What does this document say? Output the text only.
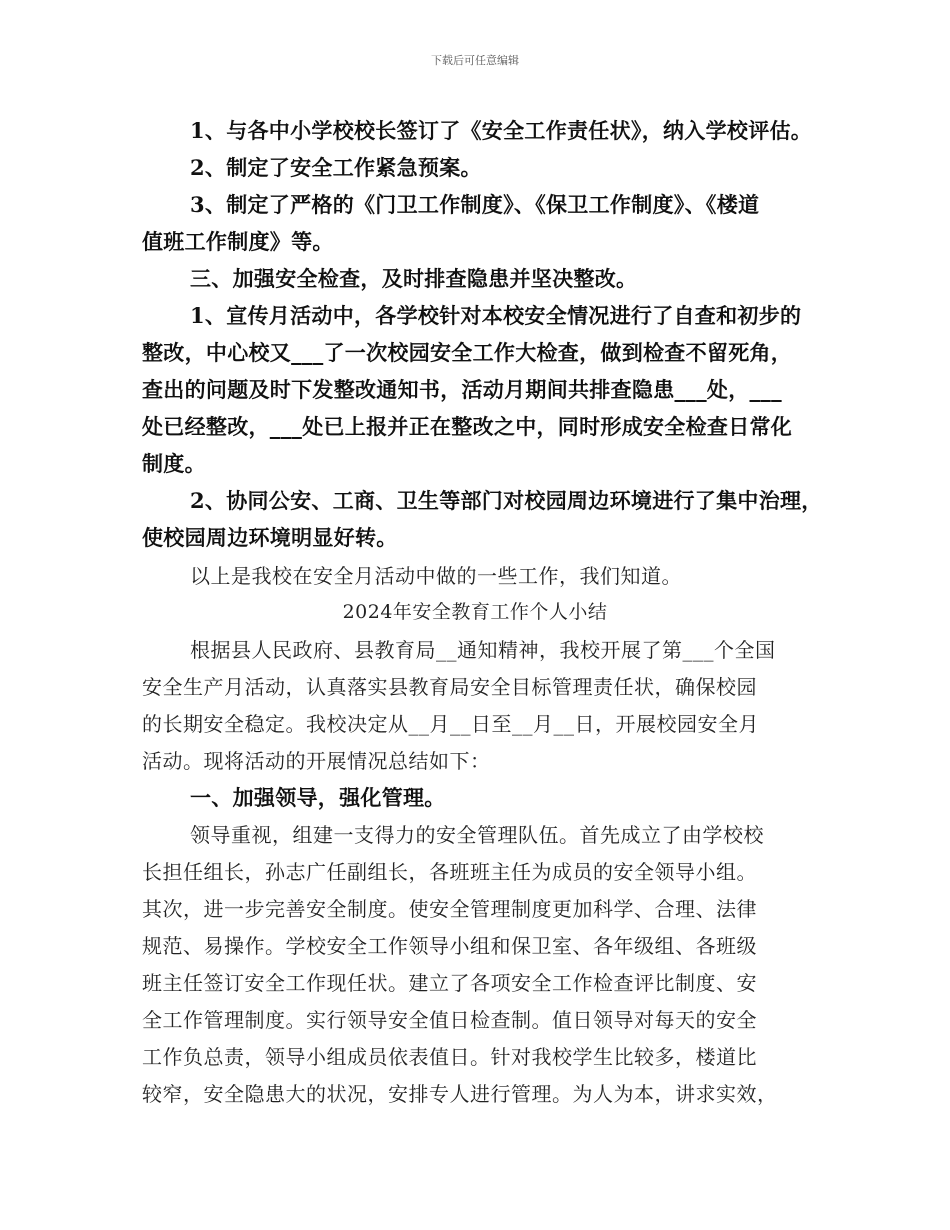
下载后可任意编辑
1、与各中小学校校长签订了《安全工作责任状》，纳入学校评估。
2、制定了安全工作紧急预案。
3、制定了严格的《门卫工作制度》、《保卫工作制度》、《楼道
值班工作制度》等。
三、加强安全检查，及时排查隐患并坚决整改。
1、宣传月活动中，各学校针对本校安全情况进行了自查和初步的
整改，中心校又___了一次校园安全工作大检查，做到检查不留死角，
查出的问题及时下发整改通知书，活动月期间共排查隐患___处，___
处已经整改，___处已上报并正在整改之中，同时形成安全检查日常化
制度。
2、协同公安、工商、卫生等部门对校园周边环境进行了集中治理，
使校园周边环境明显好转。
以上是我校在安全月活动中做的一些工作，我们知道。
2024年安全教育工作个人小结
根据县人民政府、县教育局__通知精神，我校开展了第___个全国
安全生产月活动，认真落实县教育局安全目标管理责任状，确保校园
的长期安全稳定。我校决定从__月__日至__月__日，开展校园安全月
活动。现将活动的开展情况总结如下：
一、加强领导，强化管理。
领导重视，组建一支得力的安全管理队伍。首先成立了由学校校
长担任组长，孙志广任副组长，各班班主任为成员的安全领导小组。
其次，进一步完善安全制度。使安全管理制度更加科学、合理、法律
规范、易操作。学校安全工作领导小组和保卫室、各年级组、各班级
班主任签订安全工作现任状。建立了各项安全工作检查评比制度、安
全工作管理制度。实行领导安全值日检查制。值日领导对每天的安全
工作负总责，领导小组成员依表值日。针对我校学生比较多，楼道比
较窄，安全隐患大的状况，安排专人进行管理。为人为本，讲求实效，
